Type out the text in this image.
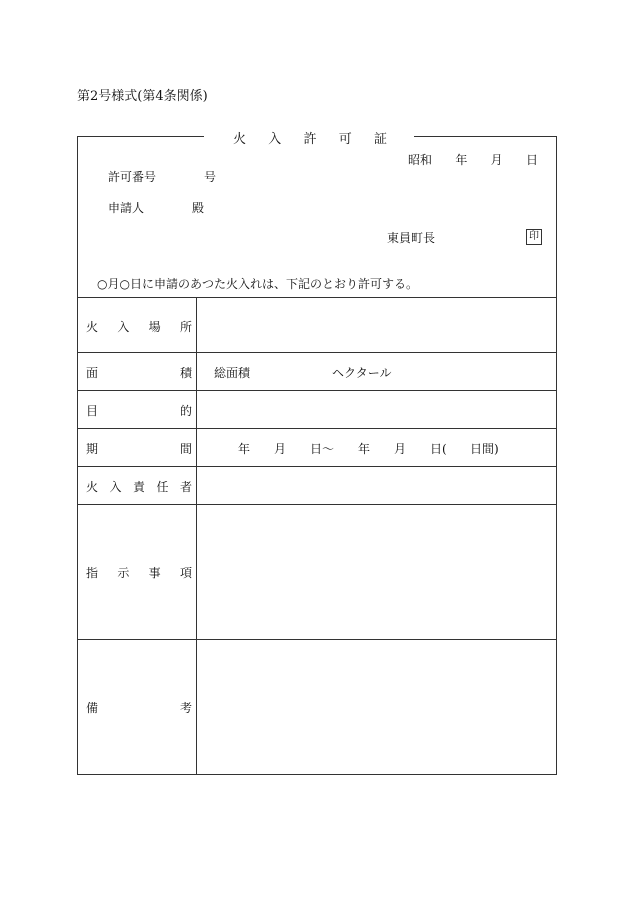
第2号様式(第4条関係)
火 入 許 可 証
昭和 年 月 日
許可番号	号
申請人	殿
東員町長	印
○月○日に申請のあつた火入れは、下記のとおり許可する。
火 入 場 所
面	積 総面積	ヘクタール
目	的
期	間	年 月 日～ 年 月 日( 日間)
火 入 責 任 者
指 示 事 項
備	考
